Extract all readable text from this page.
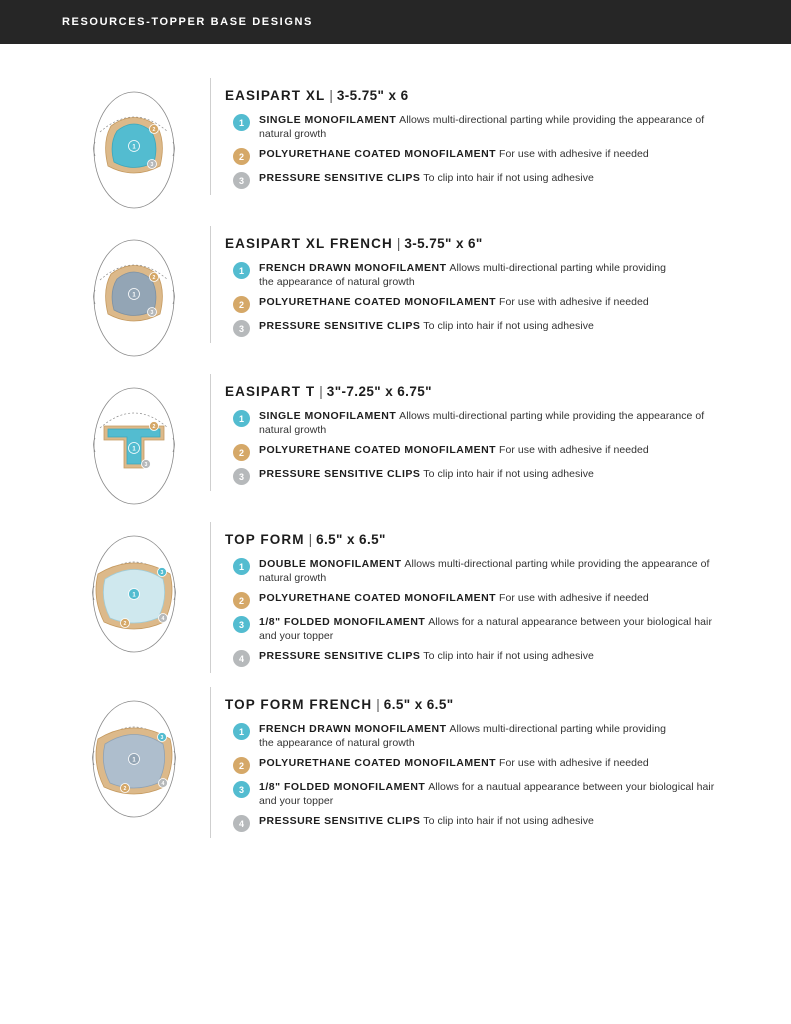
RESOURCES-TOPPER BASE DESIGNS
1
2
3
EASIPART XL | 3-5.75" x 6
1	SINGLE MONOFILAMENT Allows multi-directional parting while providing the appearance of natural growth
2	POLYURETHANE COATED MONOFILAMENT For use with adhesive if needed
3	PRESSURE SENSITIVE CLIPS To clip into hair if not using adhesive
1
2
3
EASIPART XL FRENCH | 3-5.75" x 6"
1	FRENCH DRAWN MONOFILAMENT Allows multi-directional parting while providing the appearance of natural growth
2	POLYURETHANE COATED MONOFILAMENT For use with adhesive if needed
3	PRESSURE SENSITIVE CLIPS To clip into hair if not using adhesive
1
2
3
EASIPART T | 3"-7.25" x 6.75"
1	SINGLE MONOFILAMENT Allows multi-directional parting while providing the appearance of natural growth
2	POLYURETHANE COATED MONOFILAMENT For use with adhesive if needed
3	PRESSURE SENSITIVE CLIPS To clip into hair if not using adhesive
1
2
3
4
TOP FORM | 6.5" x 6.5"
1	DOUBLE MONOFILAMENT Allows multi-directional parting while providing the appearance of natural growth
2	POLYURETHANE COATED MONOFILAMENT For use with adhesive if needed
3	1/8" FOLDED MONOFILAMENT Allows for a natural appearance between your biological hair and your topper
4	PRESSURE SENSITIVE CLIPS To clip into hair if not using adhesive
1
2
3
4
TOP FORM FRENCH | 6.5" x 6.5"
1	FRENCH DRAWN MONOFILAMENT Allows multi-directional parting while providing the appearance of natural growth
2	POLYURETHANE COATED MONOFILAMENT For use with adhesive if needed
3	1/8" FOLDED MONOFILAMENT Allows for a nautual appearance between your biological hair and your topper
4	PRESSURE SENSITIVE CLIPS To clip into hair if not using adhesive
